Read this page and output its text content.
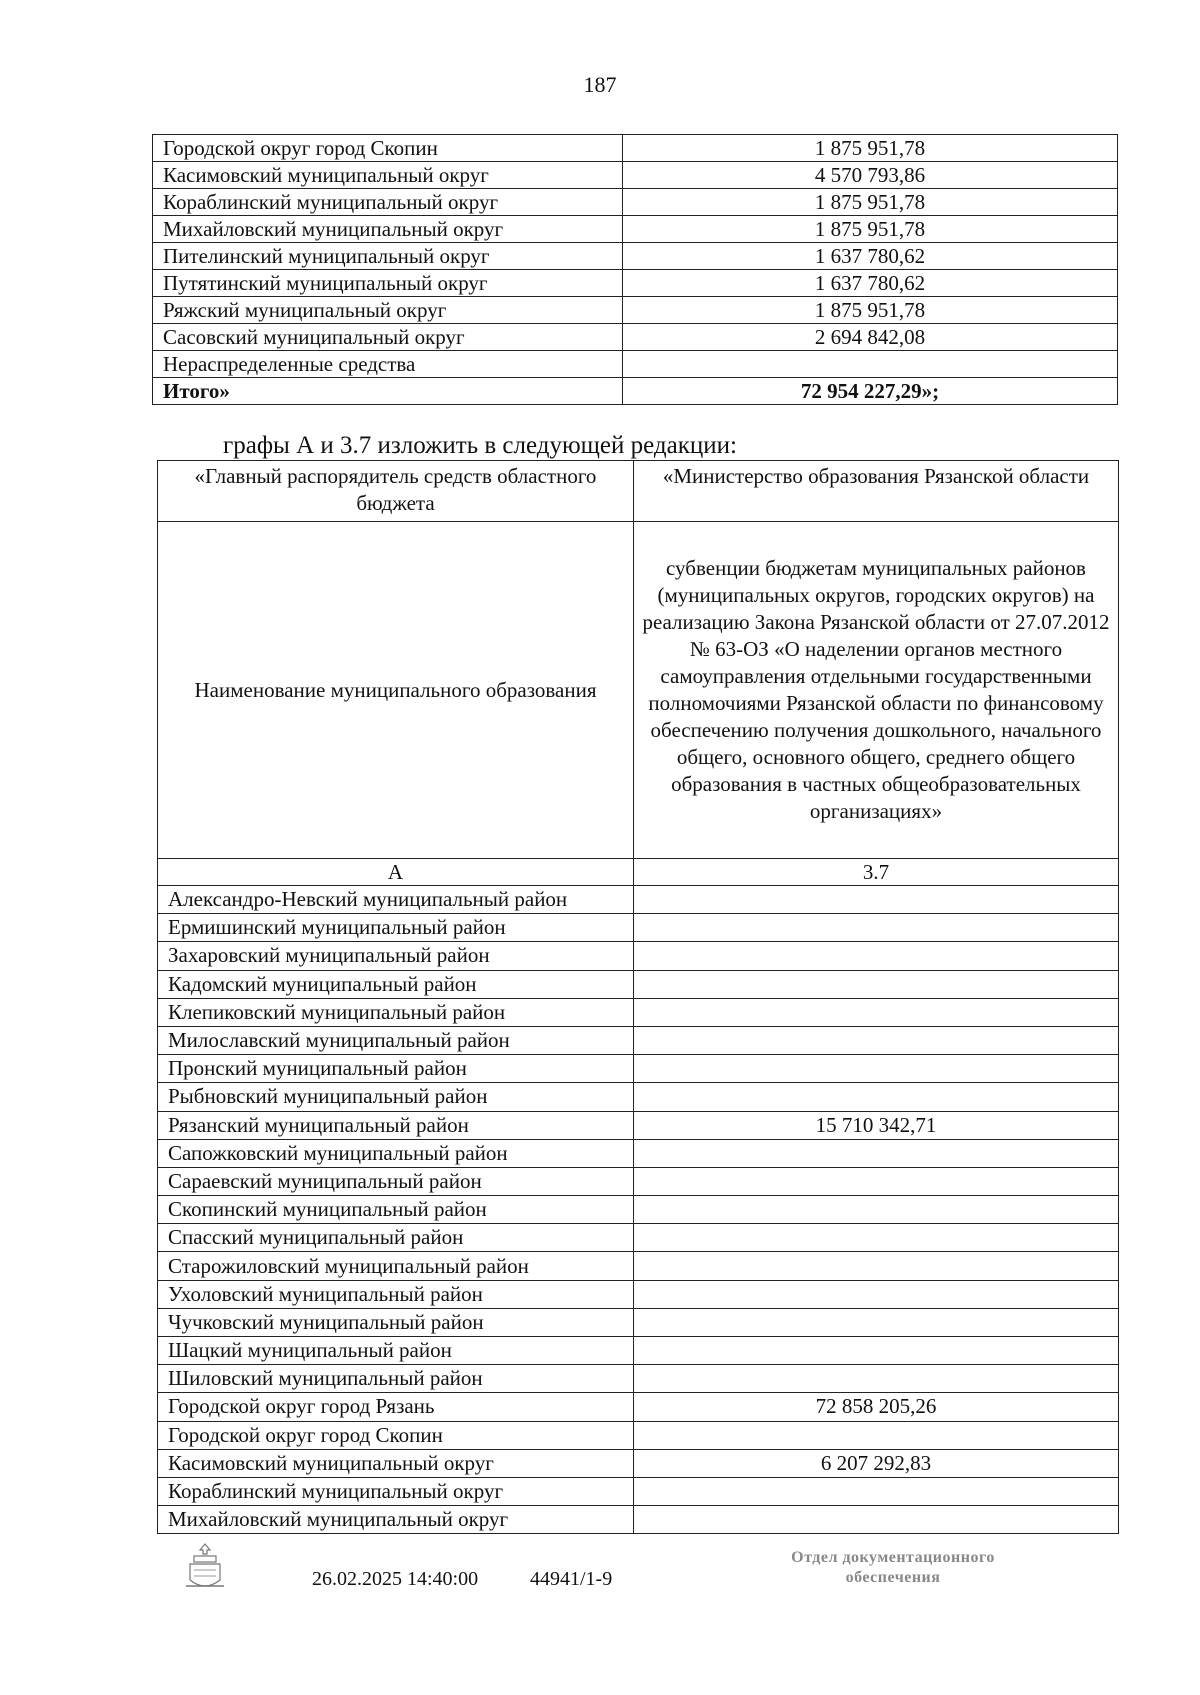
187
Городской округ город Скопин	1 875 951,78
Касимовский муниципальный округ	4 570 793,86
Кораблинский муниципальный округ	1 875 951,78
Михайловский муниципальный округ	1 875 951,78
Пителинский муниципальный округ	1 637 780,62
Путятинский муниципальный округ	1 637 780,62
Ряжский муниципальный округ	1 875 951,78
Сасовский муниципальный округ	2 694 842,08
Нераспределенные средства	
Итого»	72 954 227,29»;
графы А и 3.7 изложить в следующей редакции:
«Главный распорядитель средств областного бюджета	«Министерство образования Рязанской области
Наименование муниципального образования	субвенции бюджетам муниципальных районов (муниципальных округов, городских округов) на реализацию Закона Рязанской области от 27.07.2012 № 63-ОЗ «О наделении органов местного самоуправления отдельными государственными полномочиями Рязанской области по финансовому обеспечению получения дошкольного, начального общего, основного общего, среднего общего образования в частных общеобразовательных организациях»
А	3.7
Александро-Невский муниципальный район	
Ермишинский муниципальный район	
Захаровский муниципальный район	
Кадомский муниципальный район	
Клепиковский муниципальный район	
Милославский муниципальный район	
Пронский муниципальный район	
Рыбновский муниципальный район	
Рязанский муниципальный район	15 710 342,71
Сапожковский муниципальный район	
Сараевский муниципальный район	
Скопинский муниципальный район	
Спасский муниципальный район	
Старожиловский муниципальный район	
Ухоловский муниципальный район	
Чучковский муниципальный район	
Шацкий муниципальный район	
Шиловский муниципальный район	
Городской округ город Рязань	72 858 205,26
Городской округ город Скопин	
Касимовский муниципальный округ	6 207 292,83
Кораблинский муниципальный округ	
Михайловский муниципальный округ	
26.02.2025 14:40:00	44941/1-9
Отдел документационного обеспечения
